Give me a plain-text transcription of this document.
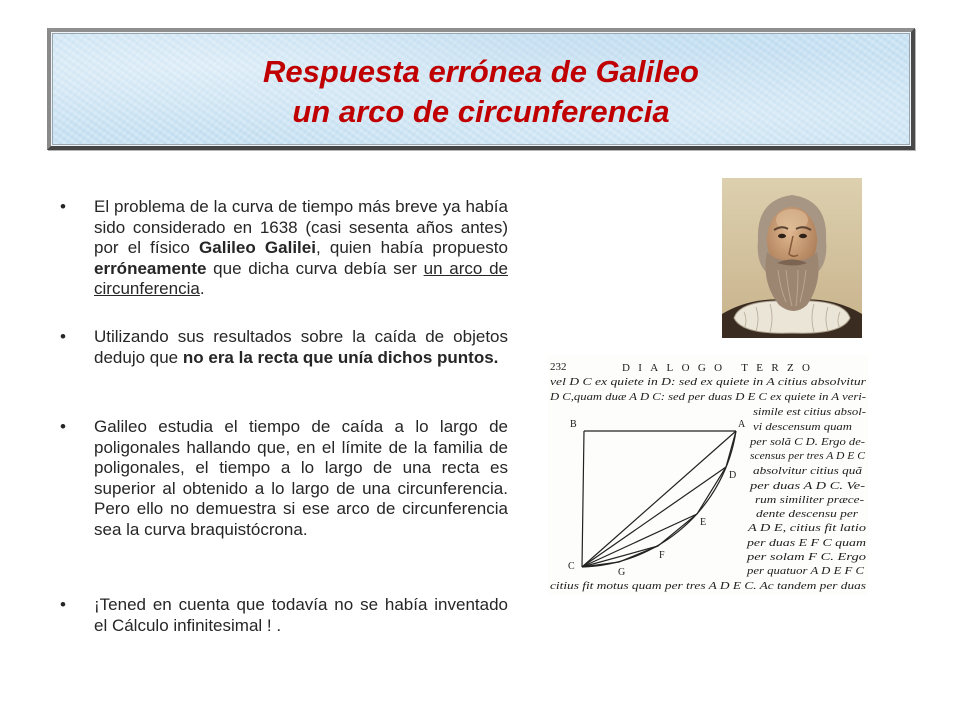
Respuesta errónea de Galileo
un arco de circunferencia
• El problema de la curva de tiempo más breve ya había sido considerado en 1638 (casi sesenta años antes) por el físico Galileo Galilei, quien había propuesto erróneamente que dicha curva debía ser un arco de circunferencia.

• Utilizando sus resultados sobre la caída de objetos dedujo que no era la recta que unía dichos puntos.

• Galileo estudia el tiempo de caída a lo largo de poligonales hallando que, en el límite de la familia de poligonales, el tiempo a lo largo de una recta es superior al obtenido a lo largo de una circunferencia. Pero ello no demuestra si ese arco de circunferencia sea la curva braquistócrona.

• ¡Tened en cuenta que todavía no se había inventado el Cálculo infinitesimal ! .

232	DIALOGO TERZO
vel D C ex quiete in D: sed ex quiete in A citius absolvitur
D C,quam duæ A D C: sed per duas D E C ex quiete in A veri-
simile est citius absol-
vi descensum quam
per solã C D. Ergo de-
scensus per tres A D E C
absolvitur citius quã
per duas A D C. Ve-
rum similiter præce-
dente descensu per
A D E, citius fit latio
per duas E F C quam
per solam F C. Ergo
per quatuor A D E F C
citius fit motus quam per tres A D E C. Ac tandem per duas
B	A
D
E
F
G
C
